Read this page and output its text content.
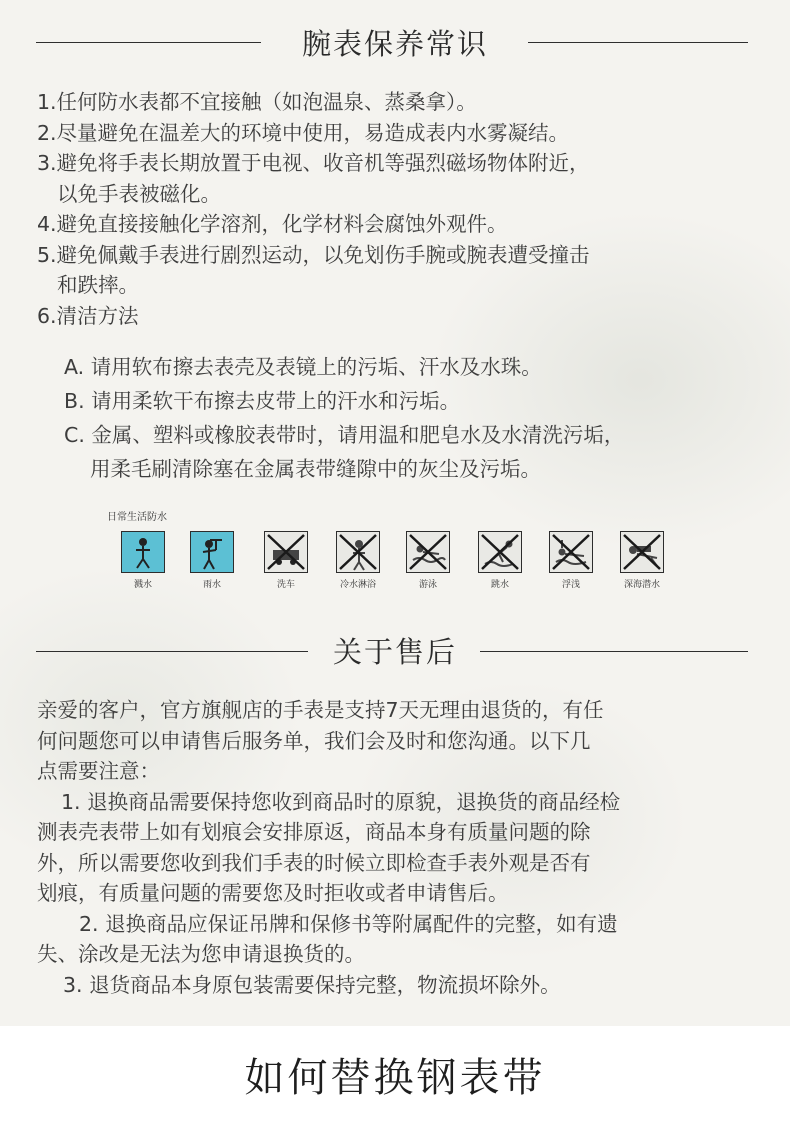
腕表保养常识
1.任何防水表都不宜接触（如泡温泉、蒸桑拿）。
2.尽量避免在温差大的环境中使用，易造成表内水雾凝结。
3.避免将手表长期放置于电视、收音机等强烈磁场物体附近，
以免手表被磁化。
4.避免直接接触化学溶剂，化学材料会腐蚀外观件。
5.避免佩戴手表进行剧烈运动，以免划伤手腕或腕表遭受撞击
和跌摔。
6.清洁方法
A. 请用软布擦去表壳及表镜上的污垢、汗水及水珠。
B. 请用柔软干布擦去皮带上的汗水和污垢。
C. 金属、塑料或橡胶表带时，请用温和肥皂水及水清洗污垢，
用柔毛刷清除塞在金属表带缝隙中的灰尘及污垢。
日常生活防水
溅水	雨水	洗车	冷水淋浴	游泳	跳水	浮浅	深海潜水
关于售后
亲爱的客户，官方旗舰店的手表是支持7天无理由退货的，有任
何问题您可以申请售后服务单，我们会及时和您沟通。以下几
点需要注意：
1. 退换商品需要保持您收到商品时的原貌，退换货的商品经检
测表壳表带上如有划痕会安排原返，商品本身有质量问题的除
外，所以需要您收到我们手表的时候立即检查手表外观是否有
划痕，有质量问题的需要您及时拒收或者申请售后。
2. 退换商品应保证吊牌和保修书等附属配件的完整，如有遗
失、涂改是无法为您申请退换货的。
3. 退货商品本身原包装需要保持完整，物流损坏除外。
如何替换钢表带
